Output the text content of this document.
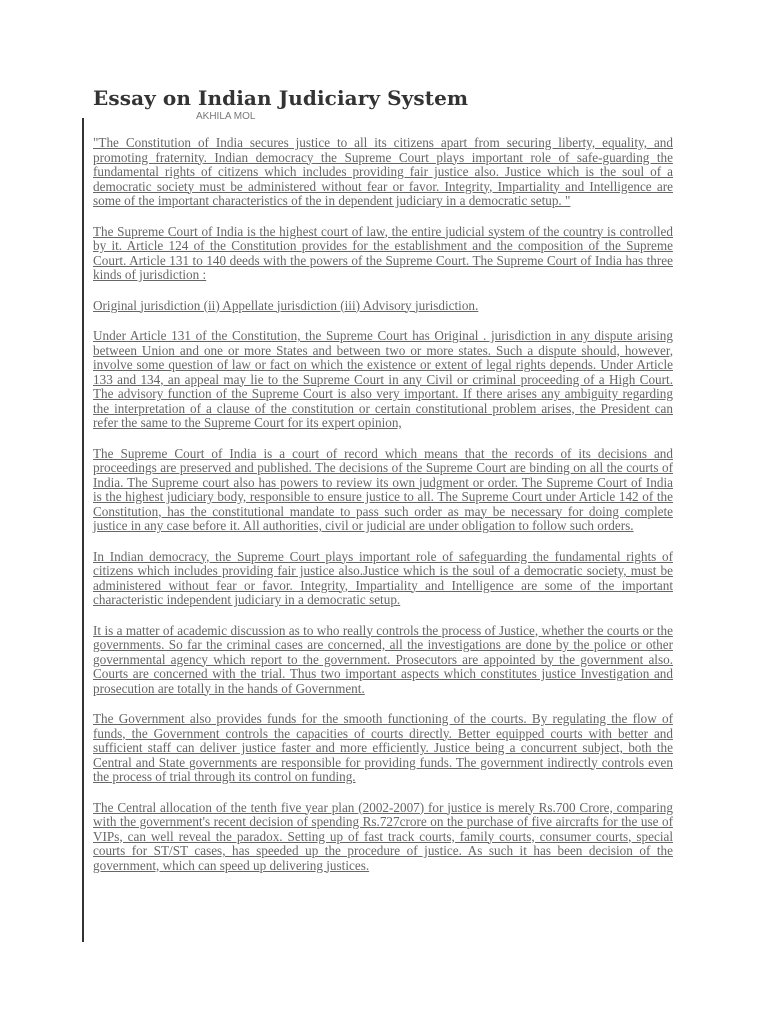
Essay on Indian Judiciary System
AKHILA MOL

"The Constitution of India secures justice to all its citizens apart from securing liberty, equality, and promoting fraternity. Indian democracy the Supreme Court plays important role of safe-guarding the fundamental rights of citizens which includes providing fair justice also. Justice which is the soul of a democratic society must be administered without fear or favor. Integrity, Impartiality and Intelligence are some of the important characteristics of the in dependent judiciary in a democratic setup. "

The Supreme Court of India is the highest court of law, the entire judicial system of the country is controlled by it. Article 124 of the Constitution provides for the establishment and the composition of the Supreme Court. Article 131 to 140 deeds with the powers of the Supreme Court. The Supreme Court of India has three kinds of jurisdiction :

Original jurisdiction (ii) Appellate jurisdiction (iii) Advisory jurisdiction.

Under Article 131 of the Constitution, the Supreme Court has Original . jurisdiction in any dispute arising between Union and one or more States and between two or more states. Such a dispute should, however, involve some question of law or fact on which the existence or extent of legal rights depends. Under Article 133 and 134, an appeal may lie to the Supreme Court in any Civil or criminal proceeding of a High Court. The advisory function of the Supreme Court is also very important. If there arises any ambiguity regarding the interpretation of a clause of the constitution or certain constitutional problem arises, the President can refer the same to the Supreme Court for its expert opinion,

The Supreme Court of India is a court of record which means that the records of its decisions and proceedings are preserved and published. The decisions of the Supreme Court are binding on all the courts of India. The Supreme court also has powers to review its own judgment or order. The Supreme Court of India is the highest judiciary body, responsible to ensure justice to all. The Supreme Court under Article 142 of the Constitution, has the constitutional mandate to pass such order as may be necessary for doing complete justice in any case before it. All authorities, civil or judicial are under obligation to follow such orders.

In Indian democracy, the Supreme Court plays important role of safeguarding the fundamental rights of citizens which includes providing fair justice also.Justice which is the soul of a democratic society, must be administered without fear or favor. Integrity, Impartiality and Intelligence are some of the important characteristic independent judiciary in a democratic setup.

It is a matter of academic discussion as to who really controls the process of Justice, whether the courts or the governments. So far the criminal cases are concerned, all the investigations are done by the police or other governmental agency which report to the government. Prosecutors are appointed by the government also. Courts are concerned with the trial. Thus two important aspects which constitutes justice Investigation and prosecution are totally in the hands of Government.

The Government also provides funds for the smooth functioning of the courts. By regulating the flow of funds, the Government controls the capacities of courts directly. Better equipped courts with better and sufficient staff can deliver justice faster and more efficiently. Justice being a concurrent subject, both the Central and State governments are responsible for providing funds. The government indirectly controls even the process of trial through its control on funding.

The Central allocation of the tenth five year plan (2002-2007) for justice is merely Rs.700 Crore, comparing with the government's recent decision of spending Rs.727crore on the purchase of five aircrafts for the use of VIPs, can well reveal the paradox. Setting up of fast track courts, family courts, consumer courts, special courts for ST/ST cases, has speeded up the procedure of justice. As such it has been decision of the government, which can speed up delivering justices.
